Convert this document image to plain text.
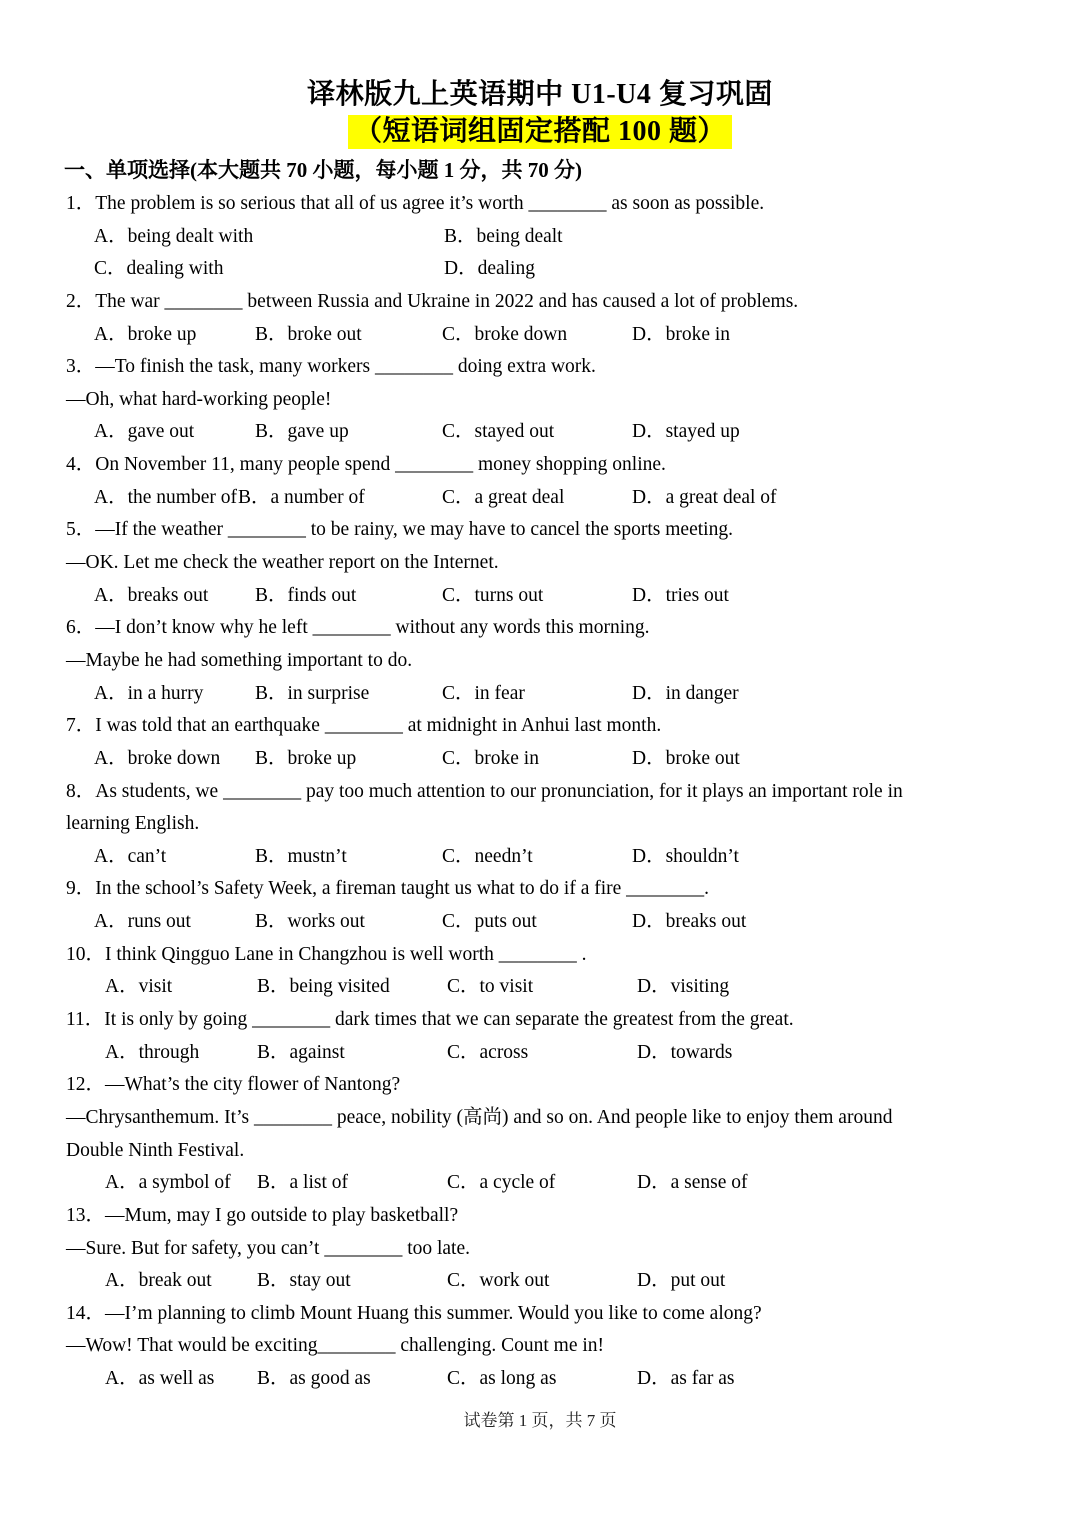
译林版九上英语期中 U1-U4 复习巩固
（短语词组固定搭配 100 题）
一、单项选择(本大题共 70 小题，每小题 1 分，共 70 分)
1．The problem is so serious that all of us agree it’s worth ________ as soon as possible.
A．being dealt with	B．being dealt
C．dealing with	D．dealing
2．The war ________ between Russia and Ukraine in 2022 and has caused a lot of problems.
A．broke up	B．broke out	C．broke down	D．broke in
3．—To finish the task, many workers ________ doing extra work.
—Oh, what hard-working people!
A．gave out	B．gave up	C．stayed out	D．stayed up
4．On November 11, many people spend ________ money shopping online.
A．the number of B．a number of	C．a great deal	D．a great deal of
5．—If the weather ________ to be rainy, we may have to cancel the sports meeting.
—OK. Let me check the weather report on the Internet.
A．breaks out B．finds out	C．turns out	D．tries out
6．—I don’t know why he left ________ without any words this morning.
—Maybe he had something important to do.
A．in a hurry	B．in surprise	C．in fear	D．in danger
7．I was told that an earthquake ________ at midnight in Anhui last month.
A．broke down B．broke up	C．broke in	D．broke out
8．As students, we ________ pay too much attention to our pronunciation, for it plays an important role in
learning English.
A．can’t	B．mustn’t	C．needn’t	D．shouldn’t
9．In the school’s Safety Week, a fireman taught us what to do if a fire ________.
A．runs out	B．works out	C．puts out	D．breaks out
10．I think Qingguo Lane in Changzhou is well worth ________ .
A．visit	B．being visited	C．to visit	D．visiting
11．It is only by going ________ dark times that we can separate the greatest from the great.
A．through	B．against	C．across	D．towards
12．—What’s the city flower of Nantong?
—Chrysanthemum. It’s ________ peace, nobility (高尚) and so on. And people like to enjoy them around
Double Ninth Festival.
A．a symbol of B．a list of	C．a cycle of	D．a sense of
13．—Mum, may I go outside to play basketball?
—Sure. But for safety, you can’t ________ too late.
A．break out B．stay out	C．work out	D．put out
14．—I’m planning to climb Mount Huang this summer. Would you like to come along?
—Wow! That would be exciting________ challenging. Count me in!
A．as well as B．as good as	C．as long as	D．as far as
试卷第 1 页，共 7 页
